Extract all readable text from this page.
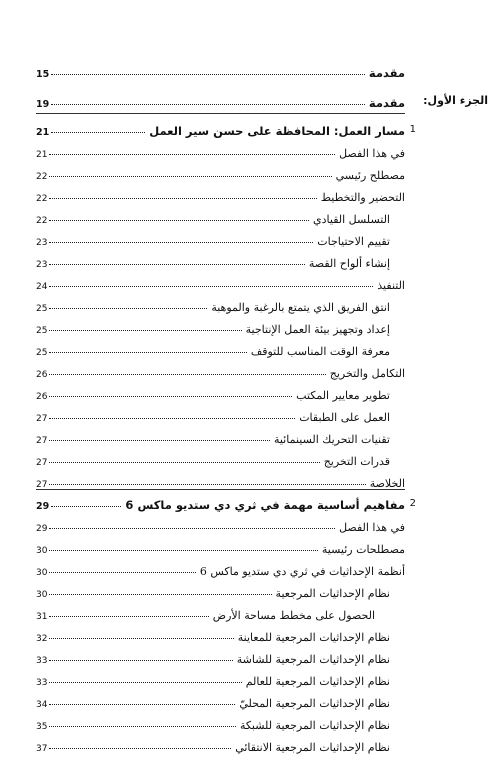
مقدمة
15
الجزء الأول:
مقدمة
19
1
مسار العمل: المحافظة على حسن سير العمل
21
في هذا الفصل
21
مصطلح رئيسي
22
التحضير والتخطيط
22
التسلسل القيادي
22
تقييم الاحتياجات
23
إنشاء ألواح القصة
23
التنفيذ
24
انتق الفريق الذي يتمتع بالرغبة والموهبة
25
إعداد وتجهيز بيئة العمل الإنتاجية
25
معرفة الوقت المناسب للتوقف
25
التكامل والتخريج
26
تطوير معايير المكتب
26
العمل على الطبقات
27
تقنيات التحريك السينمائية
27
قدرات التخريج
27
الخلاصة
27
2
مفاهيم أساسية مهمة في ثري دي ستديو ماكس 6
29
في هذا الفصل
29
مصطلحات رئيسية
30
أنظمة الإحداثيات في ثري دي ستديو ماكس 6
30
نظام الإحداثيات المرجعية
30
الحصول على مخطط مساحة الأرض
31
نظام الإحداثيات المرجعية للمعاينة
32
نظام الإحداثيات المرجعية للشاشة
33
نظام الإحداثيات المرجعية للعالم
33
نظام الإحداثيات المرجعية المحليّ
34
نظام الإحداثيات المرجعية للشبكة
35
نظام الإحداثيات المرجعية الانتقائي
37
